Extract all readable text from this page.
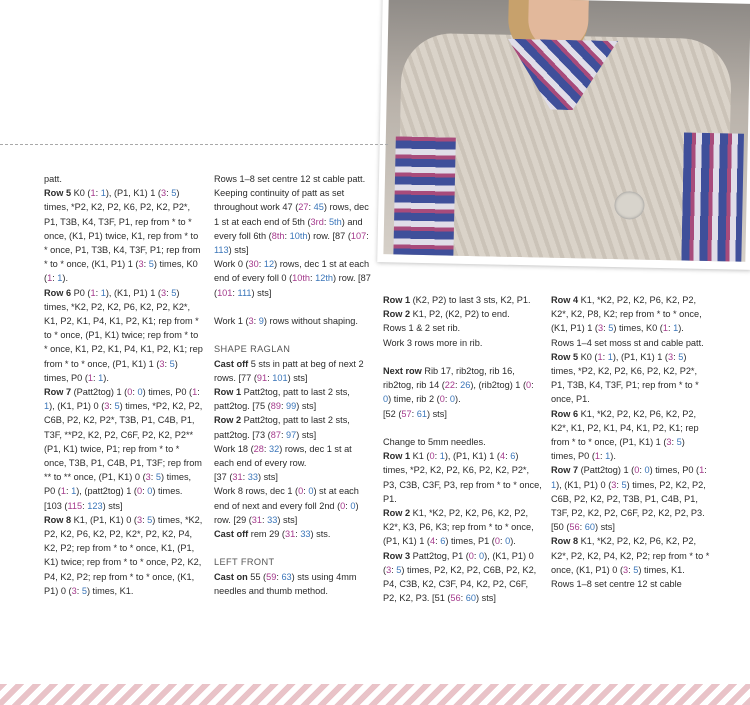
patt.

Row 5 K0 (1: 1), (P1, K1) 1 (3: 5) times, *P2, K2, P2, K6, P2, K2, P2*, P1, T3B, K4, T3F, P1, rep from * to * once, (K1, P1) twice, K1, rep from * to * once, P1, T3B, K4, T3F, P1; rep from * to * once, (K1, P1) 1 (3: 5) times, K0 (1: 1).

Row 6 P0 (1: 1), (K1, P1) 1 (3: 5) times, *K2, P2, K2, P6, K2, P2, K2*, K1, P2, K1, P4, K1, P2, K1; rep from * to * once, (P1, K1) twice; rep from * to * once, K1, P2, K1, P4, K1, P2, K1; rep from * to * once, (P1, K1) 1 (3: 5) times, P0 (1: 1).

Row 7 (Patt2tog) 1 (0: 0) times, P0 (1: 1), (K1, P1) 0 (3: 5) times, *P2, K2, P2, C6B, P2, K2, P2*, T3B, P1, C4B, P1, T3F, **P2, K2, P2, C6F, P2, K2, P2** (P1, K1) twice, P1; rep from * to * once, T3B, P1, C4B, P1, T3F; rep from ** to ** once, (P1, K1) 0 (3: 5) times, P0 (1: 1), (patt2tog) 1 (0: 0) times.
[103 (115: 123) sts]

Row 8 K1, (P1, K1) 0 (3: 5) times, *K2, P2, K2, P6, K2, P2, K2*, P2, K2, P4, K2, P2; rep from * to * once, K1, (P1, K1) twice; rep from * to * once, P2, K2, P4, K2, P2; rep from * to * once, (K1, P1) 0 (3: 5) times, K1.

Rows 1–8 set centre 12 st cable patt.

Keeping continuity of patt as set throughout work 47 (27: 45) rows, dec 1 st at each end of 5th (3rd: 5th) and every foll 6th (8th: 10th) row. [87 (107: 113) sts]

Work 0 (30: 12) rows, dec 1 st at each end of every foll 0 (10th: 12th) row. [87 (101: 111) sts]

Work 1 (3: 9) rows without shaping.

SHAPE RAGLAN

Cast off 5 sts in patt at beg of next 2 rows. [77 (91: 101) sts]

Row 1 Patt2tog, patt to last 2 sts, patt2tog. [75 (89: 99) sts]

Row 2 Patt2tog, patt to last 2 sts, patt2tog. [73 (87: 97) sts]

Work 18 (28: 32) rows, dec 1 st at each end of every row.
[37 (31: 33) sts]

Work 8 rows, dec 1 (0: 0) st at each end of next and every foll 2nd (0: 0) row. [29 (31: 33) sts]

Cast off rem 29 (31: 33) sts.

LEFT FRONT

Cast on 55 (59: 63) sts using 4mm needles and thumb method.

Row 1 (K2, P2) to last 3 sts, K2, P1.

Row 2 K1, P2, (K2, P2) to end.

Rows 1 & 2 set rib.

Work 3 rows more in rib.

Next row Rib 17, rib2tog, rib 16, rib2tog, rib 14 (22: 26), (rib2tog) 1 (0: 0) time, rib 2 (0: 0).
[52 (57: 61) sts]

Change to 5mm needles.

Row 1 K1 (0: 1), (P1, K1) 1 (4: 6) times, *P2, K2, P2, K6, P2, K2, P2*, P3, C3B, C3F, P3, rep from * to * once, P1.

Row 2 K1, *K2, P2, K2, P6, K2, P2, K2*, K3, P6, K3; rep from * to * once, (P1, K1) 1 (4: 6) times, P1 (0: 0).

Row 3 Patt2tog, P1 (0: 0), (K1, P1) 0 (3: 5) times, P2, K2, P2, C6B, P2, K2, P4, C3B, K2, C3F, P4, K2, P2, C6F, P2, K2, P3. [51 (56: 60) sts]

Row 4 K1, *K2, P2, K2, P6, K2, P2, K2*, K2, P8, K2; rep from * to * once, (K1, P1) 1 (3: 5) times, K0 (1: 1).

Rows 1–4 set moss st and cable patt.

Row 5 K0 (1: 1), (P1, K1) 1 (3: 5) times, *P2, K2, P2, K6, P2, K2, P2*, P1, T3B, K4, T3F, P1; rep from * to * once, P1.

Row 6 K1, *K2, P2, K2, P6, K2, P2, K2*, K1, P2, K1, P4, K1, P2, K1; rep from * to * once, (P1, K1) 1 (3: 5) times, P0 (1: 1).

Row 7 (Patt2tog) 1 (0: 0) times, P0 (1: 1), (K1, P1) 0 (3: 5) times, P2, K2, P2, C6B, P2, K2, P2, T3B, P1, C4B, P1, T3F, P2, K2, P2, C6F, P2, K2, P2, P3. [50 (56: 60) sts]

Row 8 K1, *K2, P2, K2, P6, K2, P2, K2*, P2, K2, P4, K2, P2; rep from * to * once, (K1, P1) 0 (3: 5) times, K1.

Rows 1–8 set centre 12 st cable
